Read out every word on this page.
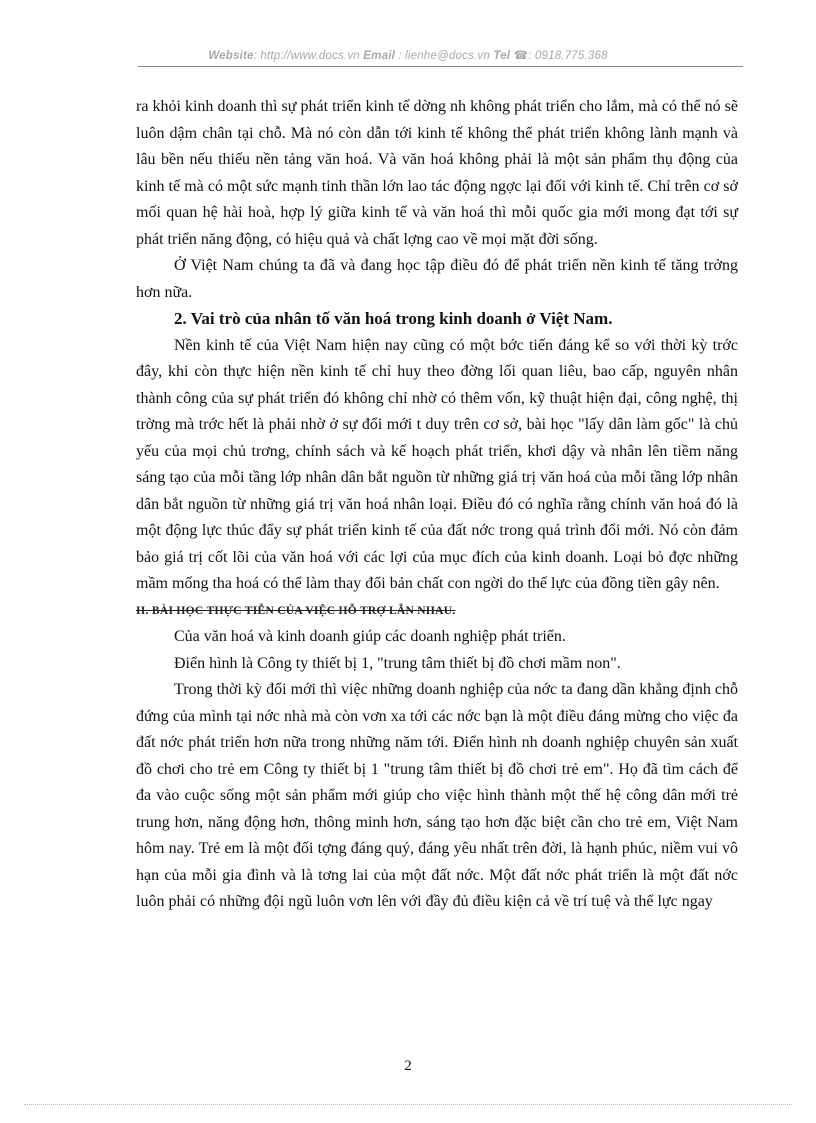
Website: http://www.docs.vn Email : lienhe@docs.vn Tel ☎: 0918.775.368

ra khỏi kinh doanh thì sự phát triển kinh tế dờng nh không phát triển cho lắm, mà có thể nó sẽ luôn dậm chân tại chỗ. Mà nó còn dẫn tới kinh tế không thể phát triển không lành mạnh và lâu bền nếu thiếu nền tảng văn hoá. Và văn hoá không phải là một sản phẩm thụ động của kinh tế mà có một sức mạnh tinh thần lớn lao tác động ngợc lại đối với kinh tế. Chỉ trên cơ sở mối quan hệ hài hoà, hợp lý giữa kinh tế và văn hoá thì mỗi quốc gia mới mong đạt tới sự phát triển năng động, có hiệu quả và chất lợng cao về mọi mặt đời sống.

Ở Việt Nam chúng ta đã và đang học tập điều đó để phát triển nền kinh tế tăng trởng hơn nữa.

2. Vai trò của nhân tố văn hoá trong kinh doanh ở Việt Nam.

Nền kinh tế của Việt Nam hiện nay cũng có một bớc tiến đáng kể so với thời kỳ trớc đây, khi còn thực hiện nền kinh tế chỉ huy theo đờng lối quan liêu, bao cấp, nguyên nhân thành công của sự phát triển đó không chỉ nhờ có thêm vốn, kỹ thuật hiện đại, công nghệ, thị trờng mà trớc hết là phải nhờ ở sự đổi mới t duy trên cơ sở, bài học "lấy dân làm gốc" là chủ yếu của mọi chủ trơng, chính sách và kế hoạch phát triển, khơi dậy và nhân lên tiềm năng sáng tạo của mỗi tầng lớp nhân dân bắt nguồn từ những giá trị văn hoá của mỗi tầng lớp nhân dân bắt nguồn từ những giá trị văn hoá nhân loại. Điều đó có nghĩa rằng chính văn hoá đó là một động lực thúc đẩy sự phát triển kinh tế của đất nớc trong quá trình đổi mới. Nó còn đảm bảo giá trị cốt lõi của văn hoá với các lợi của mục đích của kinh doanh. Loại bỏ đợc những mầm mống tha hoá có thể làm thay đổi bản chất con ngời do thế lực của đồng tiền gây nên.

II. BÀI HỌC THỰC TIỄN CỦA VIỆC HỖ TRỢ LẪN NHAU.

Của văn hoá và kinh doanh giúp các doanh nghiệp phát triển.

Điển hình là Công ty thiết bị 1, "trung tâm thiết bị đồ chơi mầm non".

Trong thời kỳ đổi mới thì việc những doanh nghiệp của nớc ta đang dần khẳng định chỗ đứng của mình tại nớc nhà mà còn vơn xa tới các nớc bạn là một điều đáng mừng cho việc đa đất nớc phát triển hơn nữa trong những năm tới. Điển hình nh doanh nghiệp chuyên sản xuất đồ chơi cho trẻ em Công ty thiết bị 1 "trung tâm thiết bị đồ chơi trẻ em". Họ đã tìm cách để đa vào cuộc sống một sản phẩm mới giúp cho việc hình thành một thế hệ công dân mới trẻ trung hơn, năng động hơn, thông minh hơn, sáng tạo hơn đặc biệt cần cho trẻ em, Việt Nam hôm nay. Trẻ em là một đối tợng đáng quý, đáng yêu nhất trên đời, là hạnh phúc, niềm vui vô hạn của mỗi gia đình và là tơng lai của một đất nớc. Một đất nớc phát triển là một đất nớc luôn phải có những đội ngũ luôn vơn lên với đầy đủ điều kiện cả về trí tuệ và thể lực ngay

2
